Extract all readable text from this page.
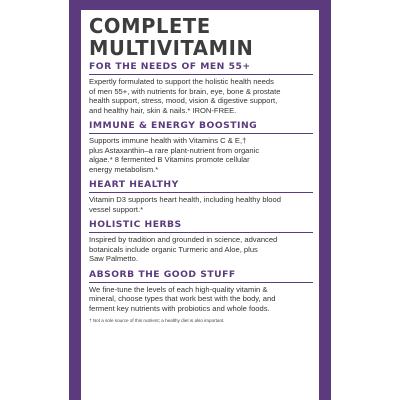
COMPLETE
MULTIVITAMIN
FOR THE NEEDS OF MEN 55+
Expertly formulated to support the holistic health needs
of men 55+, with nutrients for brain, eye, bone & prostate
health support, stress, mood, vision & digestive support,
and healthy hair, skin & nails.* IRON-FREE.
IMMUNE & ENERGY BOOSTING
Supports immune health with Vitamins C & E,†
plus Astaxanthin–a rare plant-nutrient from organic
algae.* 8 fermented B Vitamins promote cellular
energy metabolism.*
HEART HEALTHY
Vitamin D3 supports heart health, including healthy blood
vessel support.*
HOLISTIC HERBS
Inspired by tradition and grounded in science, advanced
botanicals include organic Turmeric and Aloe, plus
Saw Palmetto.
ABSORB THE GOOD STUFF
We fine-tune the levels of each high-quality vitamin &
mineral, choose types that work best with the body, and
ferment key nutrients with probiotics and whole foods.
† Not a sole source of this nutrient; a healthy diet is also important.
